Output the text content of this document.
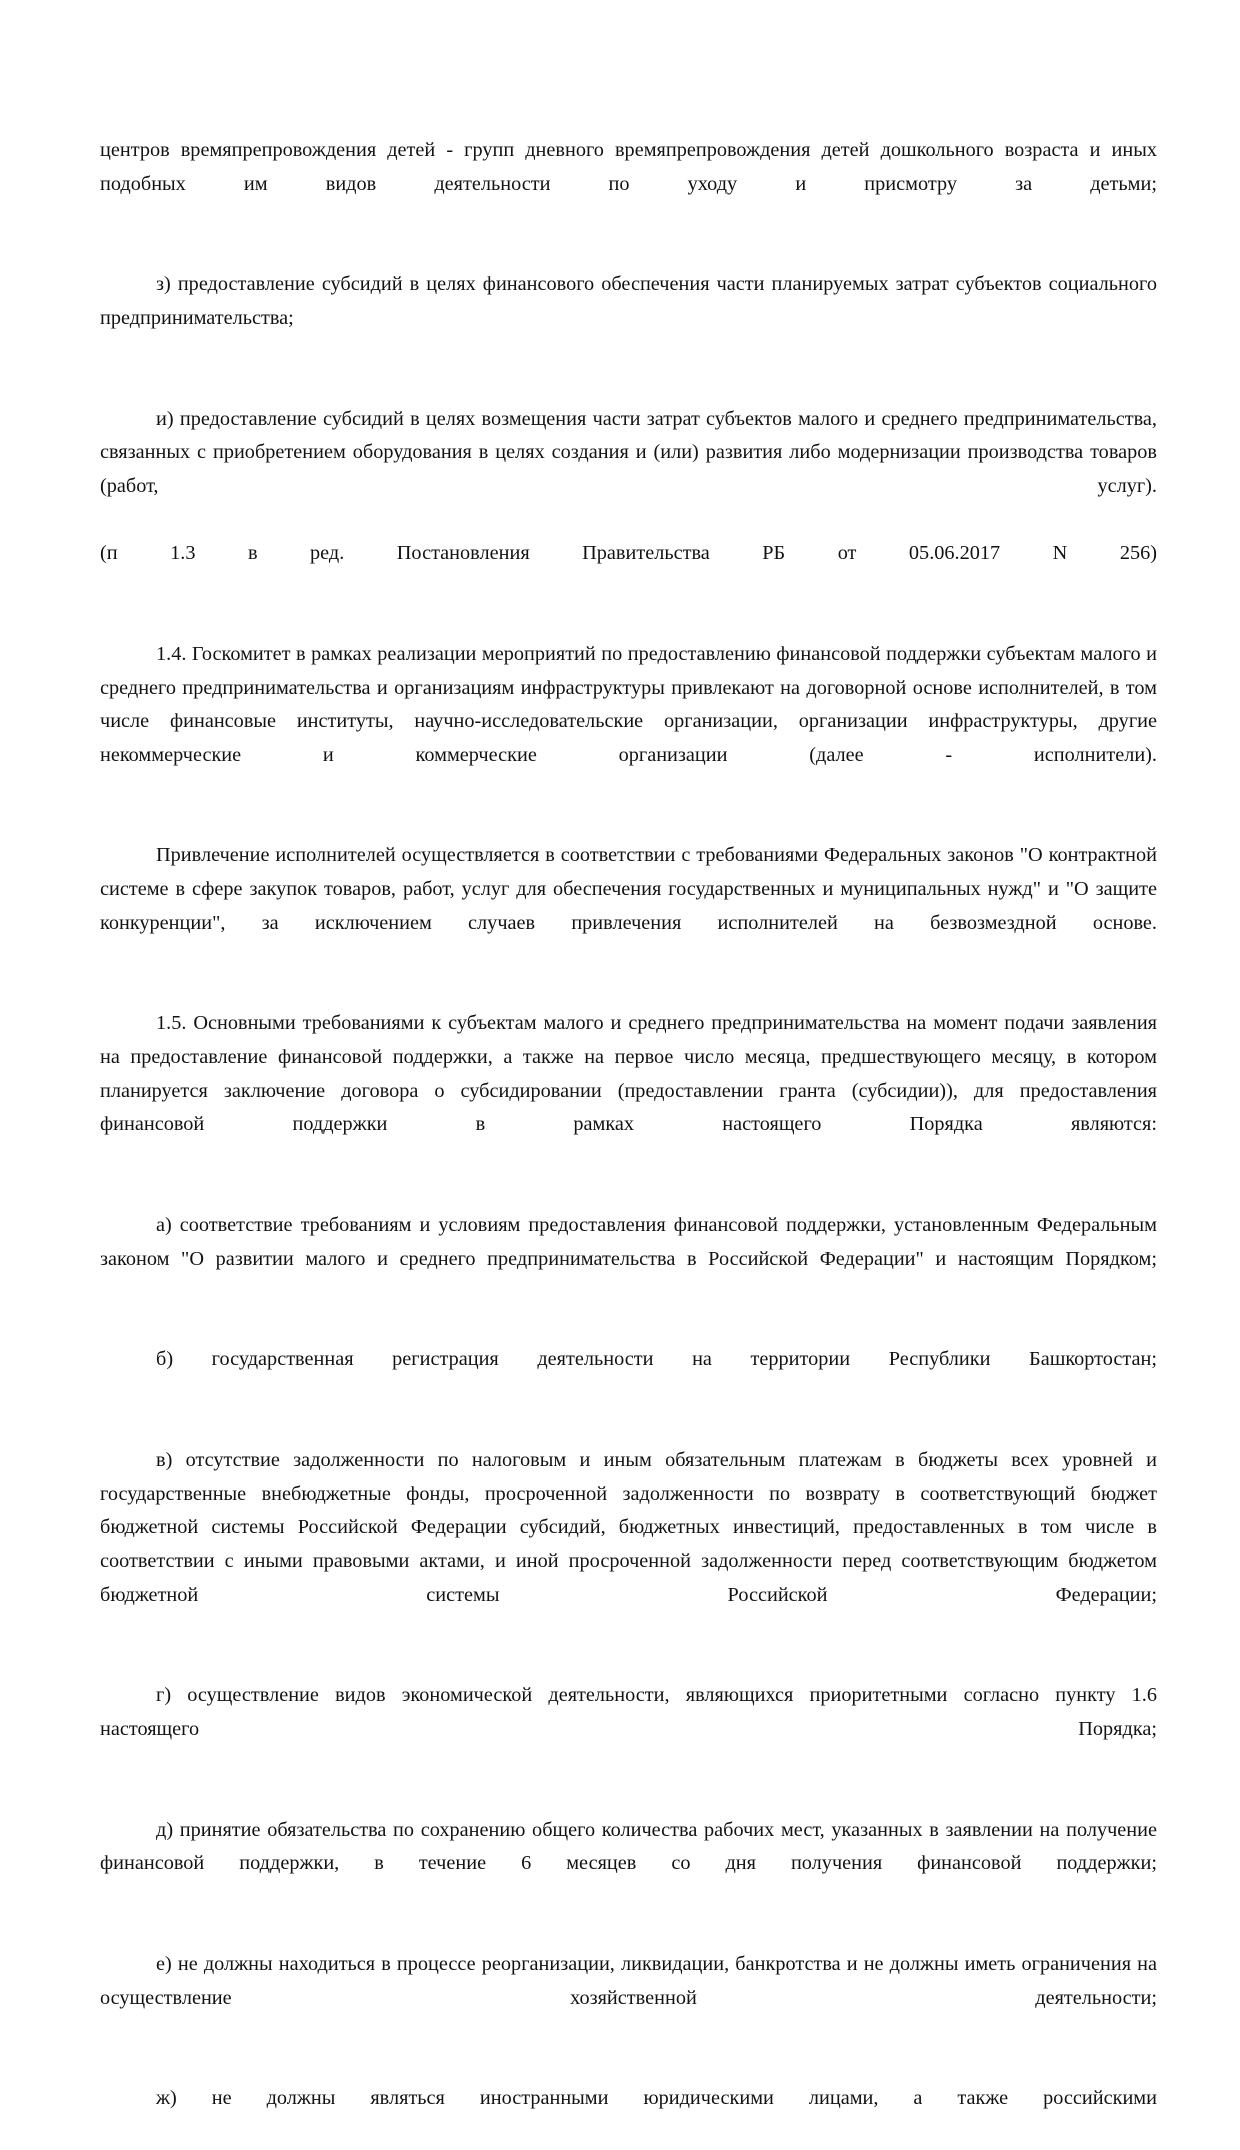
центров времяпрепровождения детей - групп дневного времяпрепровождения детей дошкольного возраста и иных подобных им видов деятельности по уходу и присмотру за детьми;

з) предоставление субсидий в целях финансового обеспечения части планируемых затрат субъектов социального предпринимательства;

и) предоставление субсидий в целях возмещения части затрат субъектов малого и среднего предпринимательства, связанных с приобретением оборудования в целях создания и (или) развития либо модернизации производства товаров (работ, услуг).

(п 1.3 в ред. Постановления Правительства РБ от 05.06.2017 N 256)

1.4. Госкомитет в рамках реализации мероприятий по предоставлению финансовой поддержки субъектам малого и среднего предпринимательства и организациям инфраструктуры привлекают на договорной основе исполнителей, в том числе финансовые институты, научно-исследовательские организации, организации инфраструктуры, другие некоммерческие и коммерческие организации (далее - исполнители).

Привлечение исполнителей осуществляется в соответствии с требованиями Федеральных законов "О контрактной системе в сфере закупок товаров, работ, услуг для обеспечения государственных и муниципальных нужд" и "О защите конкуренции", за исключением случаев привлечения исполнителей на безвозмездной основе.

1.5. Основными требованиями к субъектам малого и среднего предпринимательства на момент подачи заявления на предоставление финансовой поддержки, а также на первое число месяца, предшествующего месяцу, в котором планируется заключение договора о субсидировании (предоставлении гранта (субсидии)), для предоставления финансовой поддержки в рамках настоящего Порядка являются:

а) соответствие требованиям и условиям предоставления финансовой поддержки, установленным Федеральным законом "О развитии малого и среднего предпринимательства в Российской Федерации" и настоящим Порядком;

б) государственная регистрация деятельности на территории Республики Башкортостан;

в) отсутствие задолженности по налоговым и иным обязательным платежам в бюджеты всех уровней и государственные внебюджетные фонды, просроченной задолженности по возврату в соответствующий бюджет бюджетной системы Российской Федерации субсидий, бюджетных инвестиций, предоставленных в том числе в соответствии с иными правовыми актами, и иной просроченной задолженности перед соответствующим бюджетом бюджетной системы Российской Федерации;

г) осуществление видов экономической деятельности, являющихся приоритетными согласно пункту 1.6 настоящего Порядка;

д) принятие обязательства по сохранению общего количества рабочих мест, указанных в заявлении на получение финансовой поддержки, в течение 6 месяцев со дня получения финансовой поддержки;

е) не должны находиться в процессе реорганизации, ликвидации, банкротства и не должны иметь ограничения на осуществление хозяйственной деятельности;

ж) не должны являться иностранными юридическими лицами, а также российскими
